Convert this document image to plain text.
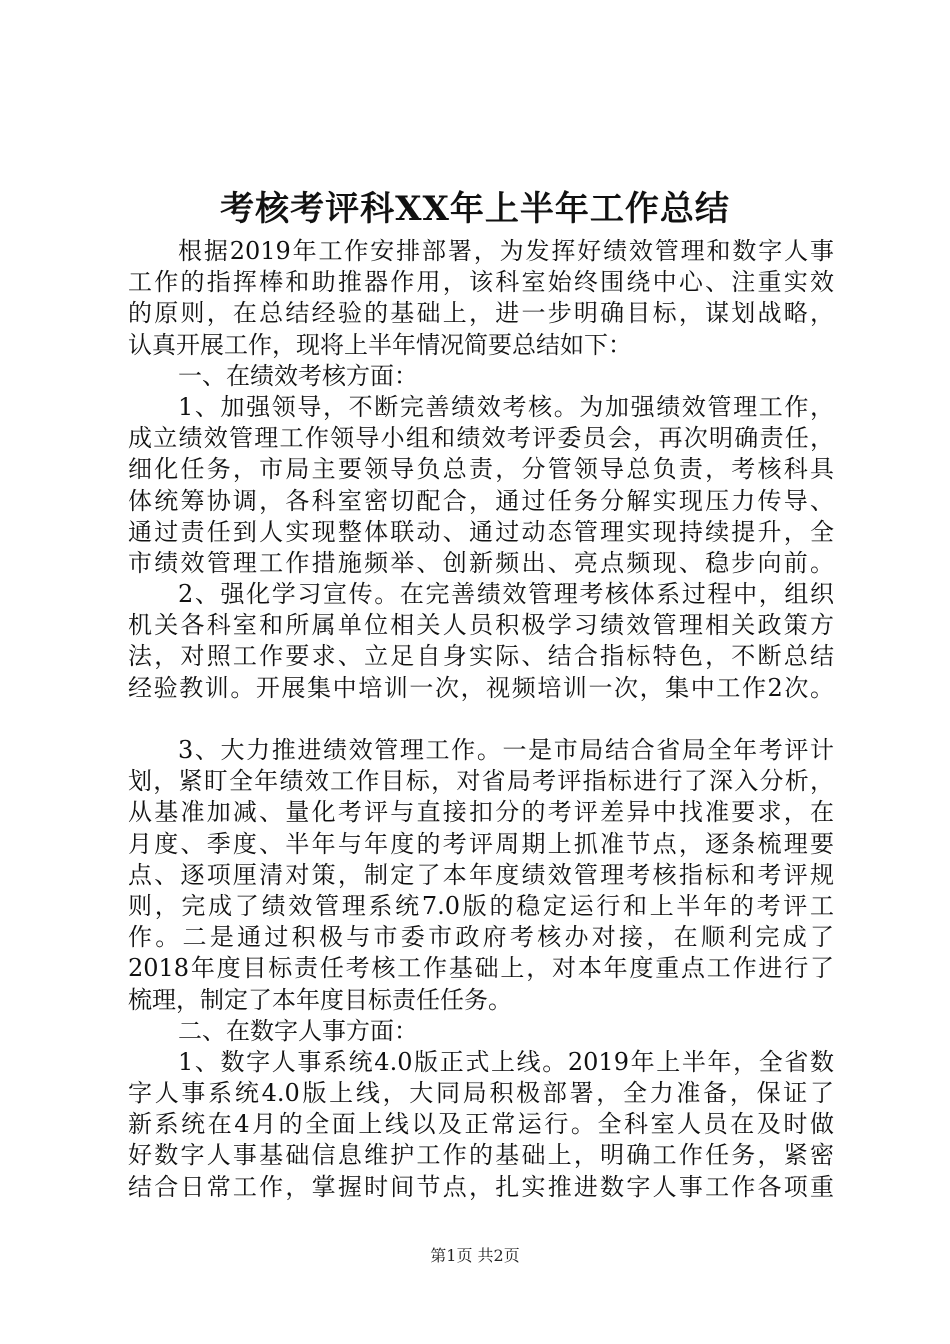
考核考评科XX年上半年工作总结
根据2019年工作安排部署，为发挥好绩效管理和数字人事
工作的指挥棒和助推器作用，该科室始终围绕中心、注重实效
的原则，在总结经验的基础上，进一步明确目标，谋划战略，
认真开展工作，现将上半年情况简要总结如下：
一、在绩效考核方面：
1、加强领导，不断完善绩效考核。为加强绩效管理工作，
成立绩效管理工作领导小组和绩效考评委员会，再次明确责任，
细化任务，市局主要领导负总责，分管领导总负责，考核科具
体统筹协调，各科室密切配合，通过任务分解实现压力传导、
通过责任到人实现整体联动、通过动态管理实现持续提升，全
市绩效管理工作措施频举、创新频出、亮点频现、稳步向前。
2、强化学习宣传。在完善绩效管理考核体系过程中，组织
机关各科室和所属单位相关人员积极学习绩效管理相关政策方
法，对照工作要求、立足自身实际、结合指标特色，不断总结
经验教训。开展集中培训一次，视频培训一次，集中工作2次。
3、大力推进绩效管理工作。一是市局结合省局全年考评计
划，紧盯全年绩效工作目标，对省局考评指标进行了深入分析，
从基准加减、量化考评与直接扣分的考评差异中找准要求，在
月度、季度、半年与年度的考评周期上抓准节点，逐条梳理要
点、逐项厘清对策，制定了本年度绩效管理考核指标和考评规
则，完成了绩效管理系统7.0版的稳定运行和上半年的考评工
作。二是通过积极与市委市政府考核办对接，在顺利完成了
2018年度目标责任考核工作基础上，对本年度重点工作进行了
梳理，制定了本年度目标责任任务。
二、在数字人事方面：
1、数字人事系统4.0版正式上线。2019年上半年，全省数
字人事系统4.0版上线，大同局积极部署，全力准备，保证了
新系统在4月的全面上线以及正常运行。全科室人员在及时做
好数字人事基础信息维护工作的基础上，明确工作任务，紧密
结合日常工作，掌握时间节点，扎实推进数字人事工作各项重
第1页 共2页
